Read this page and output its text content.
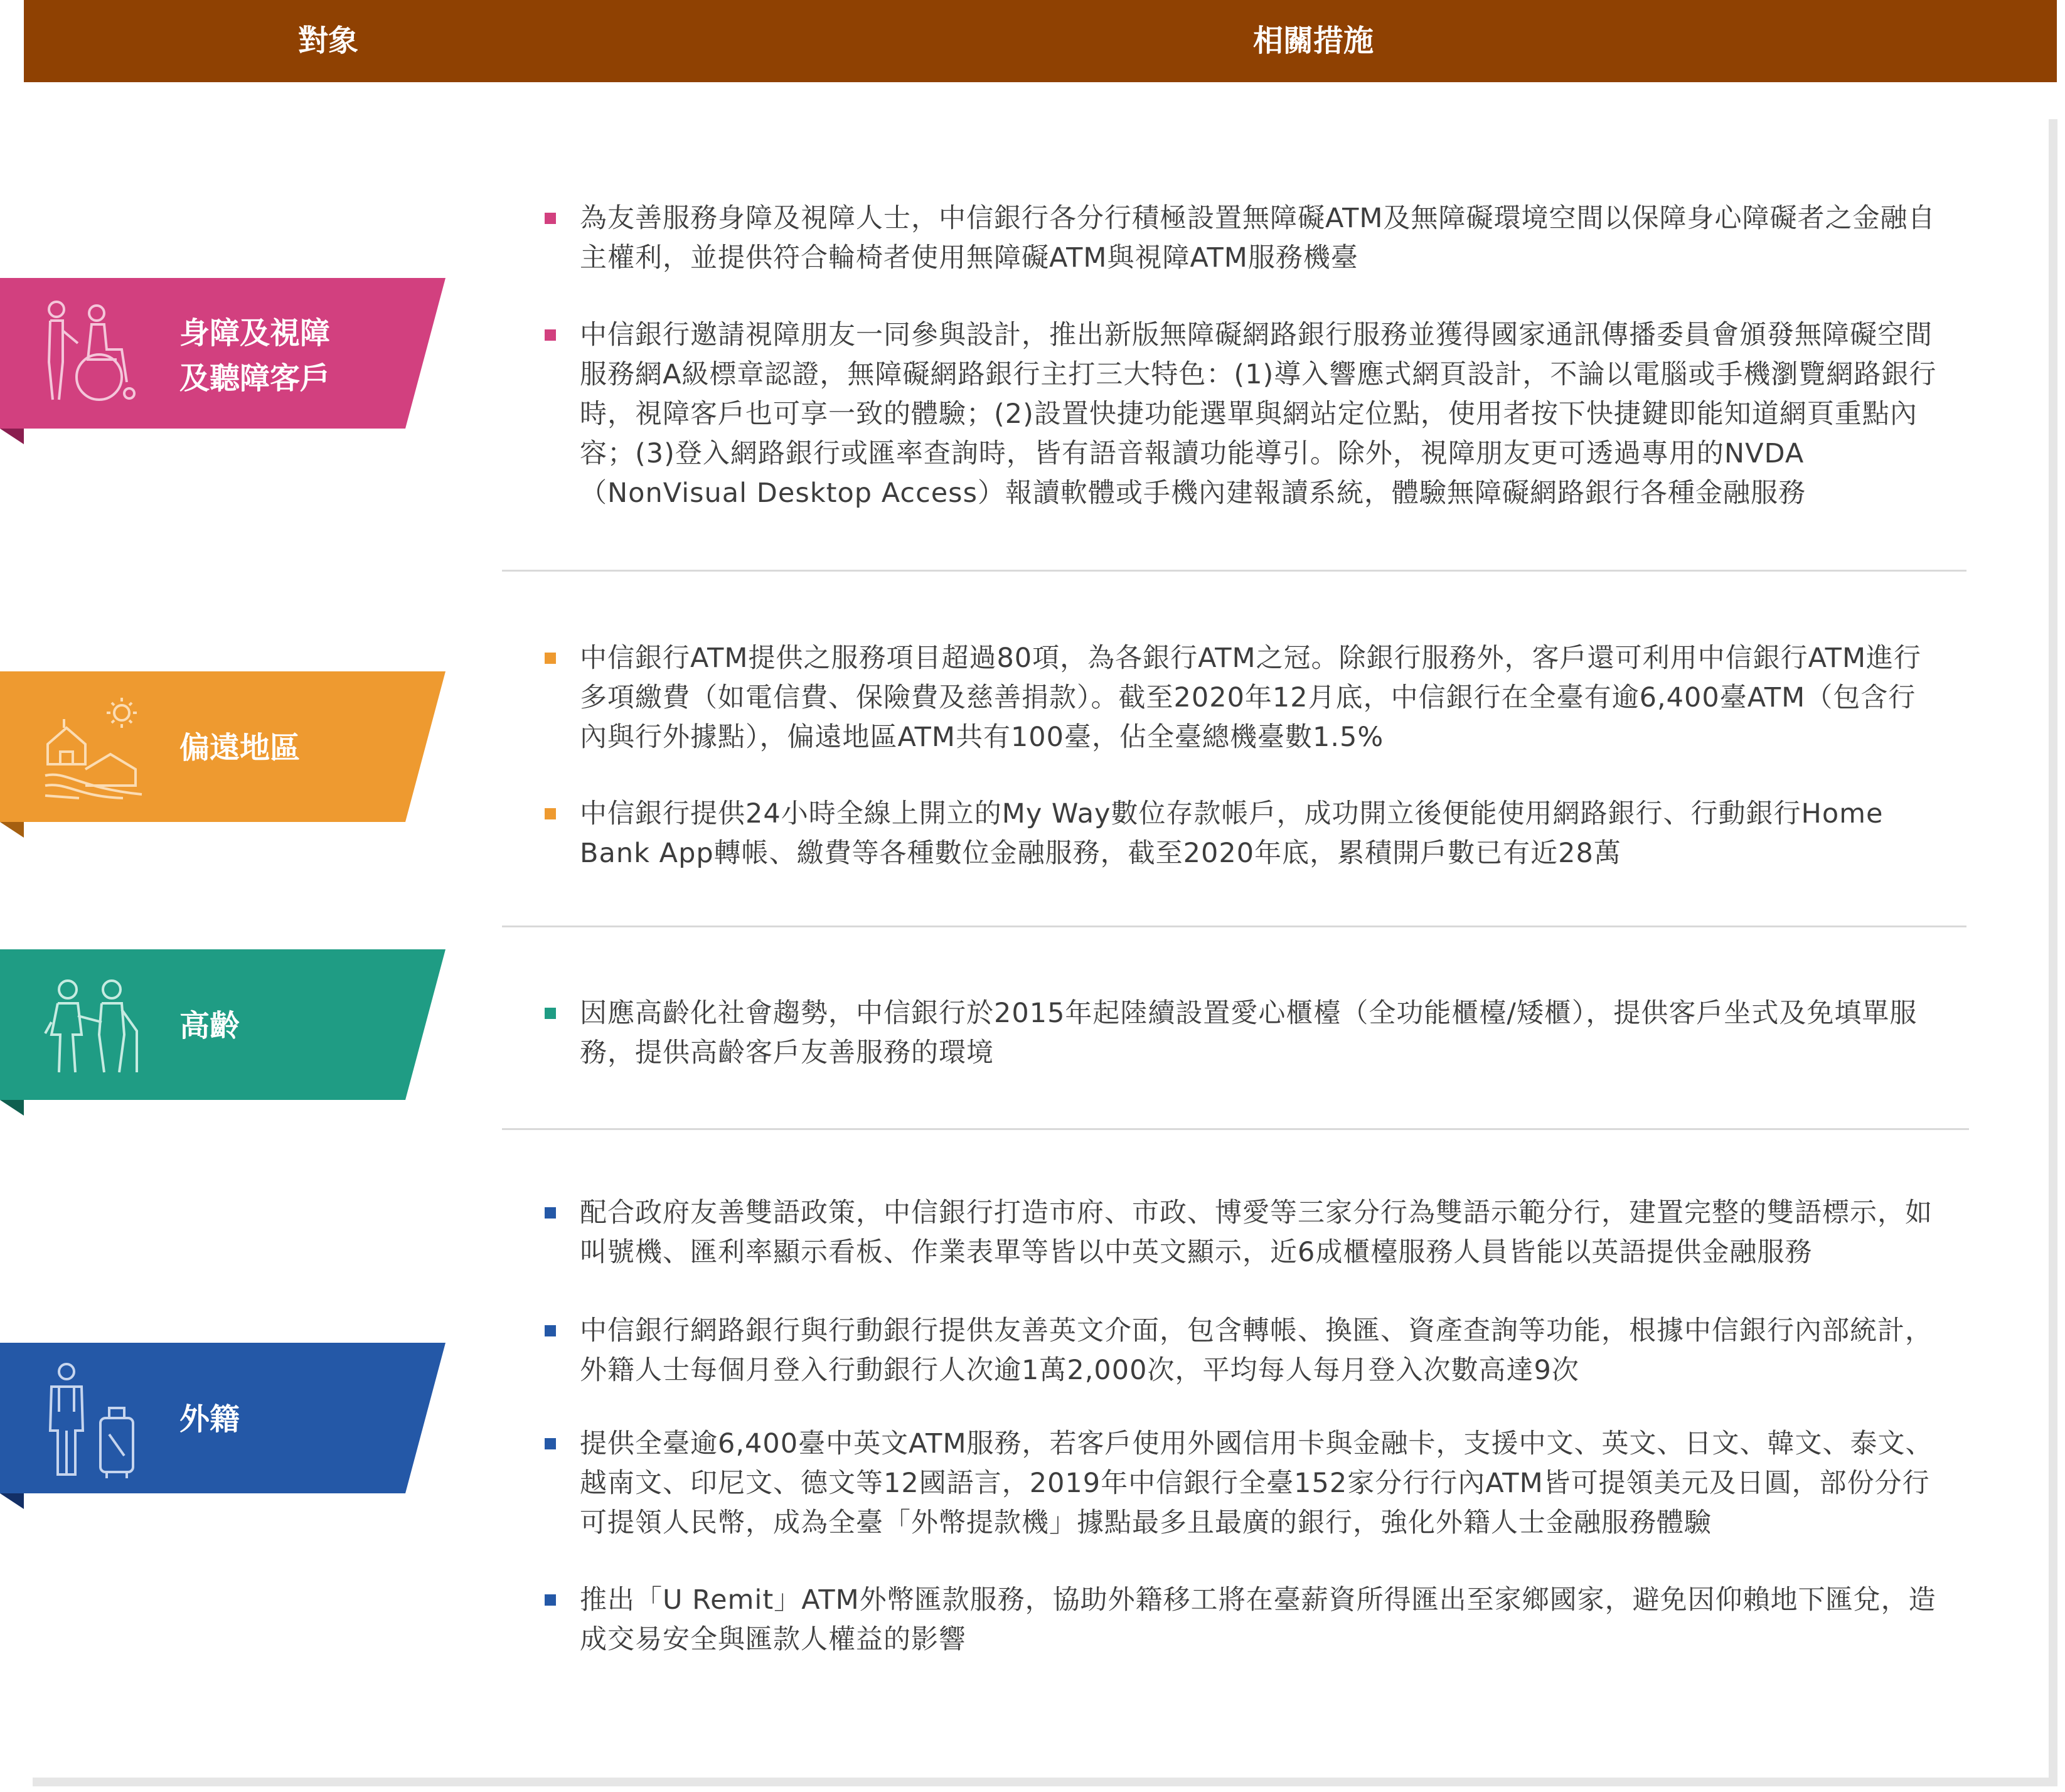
對象	相關措施
身障及視障
及聽障客戶
為友善服務身障及視障人士，中信銀行各分行積極設置無障礙ATM及無障礙環境空間以保障身心障礙者之金融自主權利，並提供符合輪椅者使用無障礙ATM與視障ATM服務機臺
中信銀行邀請視障朋友一同參與設計，推出新版無障礙網路銀行服務並獲得國家通訊傳播委員會頒發無障礙空間服務網A級標章認證，無障礙網路銀行主打三大特色：(1)導入響應式網頁設計，不論以電腦或手機瀏覽網路銀行時，視障客戶也可享一致的體驗；(2)設置快捷功能選單與網站定位點，使用者按下快捷鍵即能知道網頁重點內容；(3)登入網路銀行或匯率查詢時，皆有語音報讀功能導引。除外，視障朋友更可透過專用的NVDA（NonVisual Desktop Access）報讀軟體或手機內建報讀系統，體驗無障礙網路銀行各種金融服務
偏遠地區
中信銀行ATM提供之服務項目超過80項，為各銀行ATM之冠。除銀行服務外，客戶還可利用中信銀行ATM進行多項繳費（如電信費、保險費及慈善捐款）。截至2020年12月底，中信銀行在全臺有逾6,400臺ATM（包含行內與行外據點），偏遠地區ATM共有100臺，佔全臺總機臺數1.5%
中信銀行提供24小時全線上開立的My Way數位存款帳戶，成功開立後便能使用網路銀行、行動銀行Home Bank App轉帳、繳費等各種數位金融服務，截至2020年底，累積開戶數已有近28萬
高齡	因應高齡化社會趨勢，中信銀行於2015年起陸續設置愛心櫃檯（全功能櫃檯/矮櫃），提供客戶坐式及免填單服務，提供高齡客戶友善服務的環境
外籍
配合政府友善雙語政策，中信銀行打造市府、市政、博愛等三家分行為雙語示範分行，建置完整的雙語標示，如叫號機、匯利率顯示看板、作業表單等皆以中英文顯示，近6成櫃檯服務人員皆能以英語提供金融服務
中信銀行網路銀行與行動銀行提供友善英文介面，包含轉帳、換匯、資產查詢等功能，根據中信銀行內部統計，外籍人士每個月登入行動銀行人次逾1萬2,000次，平均每人每月登入次數高達9次
提供全臺逾6,400臺中英文ATM服務，若客戶使用外國信用卡與金融卡，支援中文、英文、日文、韓文、泰文、越南文、印尼文、德文等12國語言，2019年中信銀行全臺152家分行行內ATM皆可提領美元及日圓，部份分行可提領人民幣，成為全臺「外幣提款機」據點最多且最廣的銀行，強化外籍人士金融服務體驗
推出「U Remit」ATM外幣匯款服務，協助外籍移工將在臺薪資所得匯出至家鄉國家，避免因仰賴地下匯兌，造成交易安全與匯款人權益的影響
